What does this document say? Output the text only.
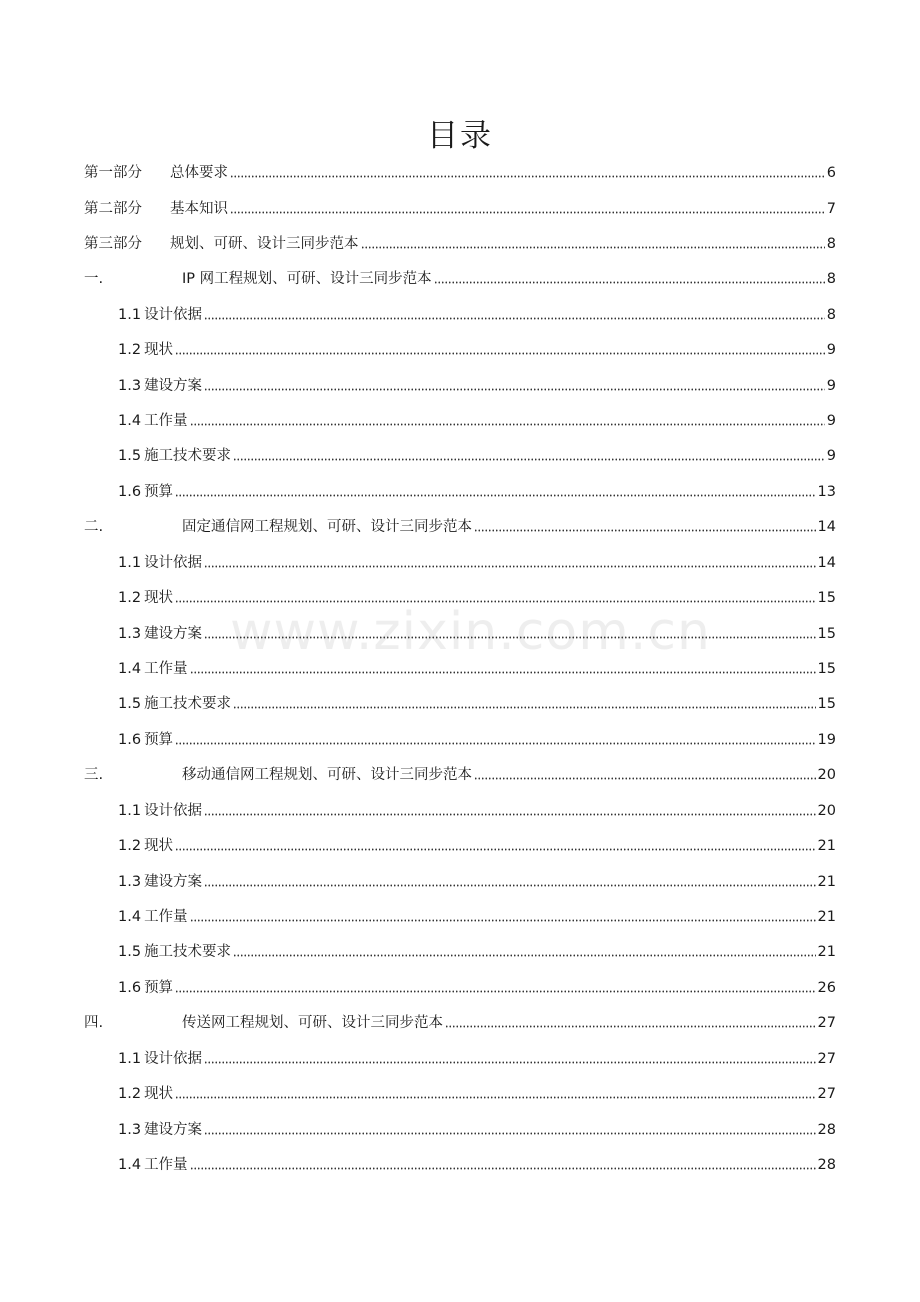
目录
www.zixin.com.cn
第一部分	总体要求	6
第二部分	基本知识	7
第三部分	规划、可研、设计三同步范本	8
一.	IP 网工程规划、可研、设计三同步范本	8
1.1 设计依据	8
1.2 现状	9
1.3 建设方案	9
1.4 工作量	9
1.5 施工技术要求	9
1.6 预算	13
二.	固定通信网工程规划、可研、设计三同步范本	14
1.1 设计依据	14
1.2 现状	15
1.3 建设方案	15
1.4 工作量	15
1.5 施工技术要求	15
1.6 预算	19
三.	移动通信网工程规划、可研、设计三同步范本	20
1.1 设计依据	20
1.2 现状	21
1.3 建设方案	21
1.4 工作量	21
1.5 施工技术要求	21
1.6 预算	26
四.	传送网工程规划、可研、设计三同步范本	27
1.1 设计依据	27
1.2 现状	27
1.3 建设方案	28
1.4 工作量	28
